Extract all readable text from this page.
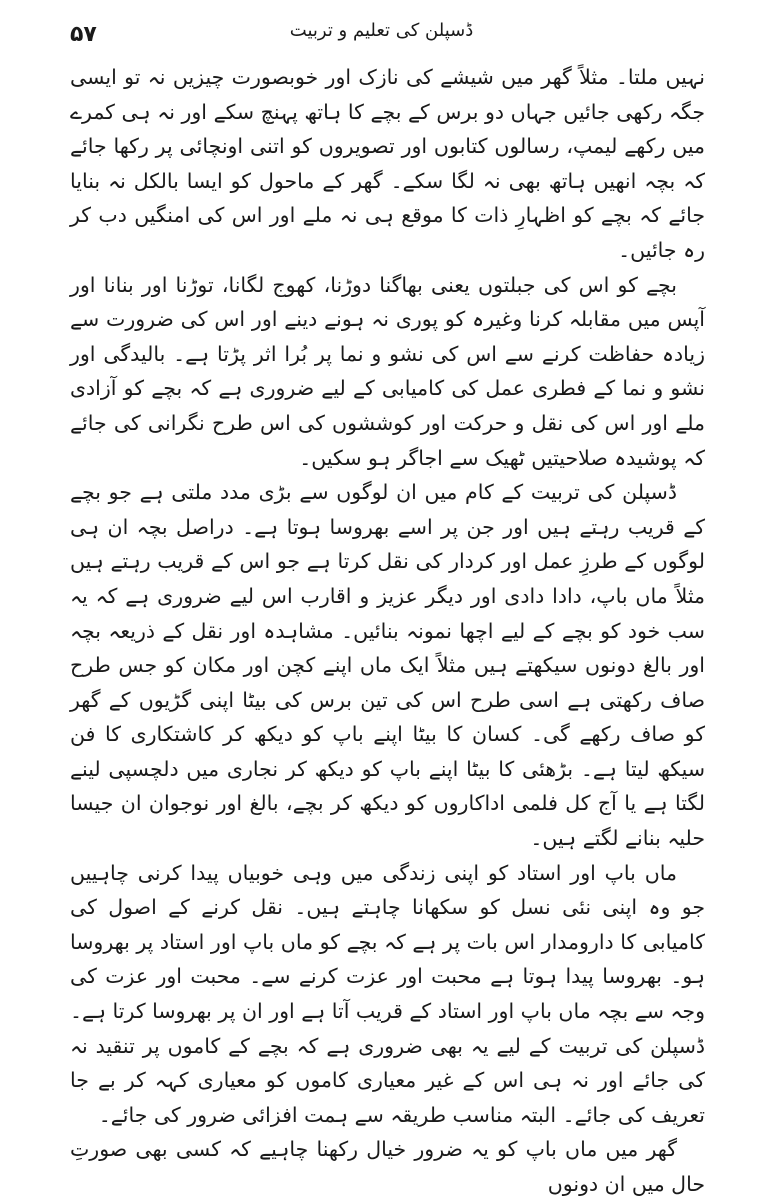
۵۷	ڈسپلن کی تعلیم و تربیت

نہیں ملتا۔ مثلاً گھر میں شیشے کی نازک اور خوبصورت چیزیں نہ تو ایسی جگہ رکھی جائیں جہاں دو برس کے بچے کا ہاتھ پہنچ سکے اور نہ ہی کمرے میں رکھے لیمپ، رسالوں کتابوں اور تصویروں کو اتنی اونچائی پر رکھا جائے کہ بچہ انھیں ہاتھ بھی نہ لگا سکے۔ گھر کے ماحول کو ایسا بالکل نہ بنایا جائے کہ بچے کو اظہارِ ذات کا موقع ہی نہ ملے اور اس کی امنگیں دب کر رہ جائیں۔

بچے کو اس کی جبلتوں یعنی بھاگنا دوڑنا، کھوج لگانا، توڑنا اور بنانا اور آپس میں مقابلہ کرنا وغیرہ کو پوری نہ ہونے دینے اور اس کی ضرورت سے زیادہ حفاظت کرنے سے اس کی نشو و نما پر بُرا اثر پڑتا ہے۔ بالیدگی اور نشو و نما کے فطری عمل کی کامیابی کے لیے ضروری ہے کہ بچے کو آزادی ملے اور اس کی نقل و حرکت اور کوششوں کی اس طرح نگرانی کی جائے کہ پوشیدہ صلاحیتیں ٹھیک سے اجاگر ہو سکیں۔

ڈسپلن کی تربیت کے کام میں ان لوگوں سے بڑی مدد ملتی ہے جو بچے کے قریب رہتے ہیں اور جن پر اسے بھروسا ہوتا ہے۔ دراصل بچہ ان ہی لوگوں کے طرزِ عمل اور کردار کی نقل کرتا ہے جو اس کے قریب رہتے ہیں مثلاً ماں باپ، دادا دادی اور دیگر عزیز و اقارب اس لیے ضروری ہے کہ یہ سب خود کو بچے کے لیے اچھا نمونہ بنائیں۔ مشاہدہ اور نقل کے ذریعہ بچہ اور بالغ دونوں سیکھتے ہیں مثلاً ایک ماں اپنے کچن اور مکان کو جس طرح صاف رکھتی ہے اسی طرح اس کی تین برس کی بیٹا اپنی گڑیوں کے گھر کو صاف رکھے گی۔ کسان کا بیٹا اپنے باپ کو دیکھ کر کاشتکاری کا فن سیکھ لیتا ہے۔ بڑھئی کا بیٹا اپنے باپ کو دیکھ کر نجاری میں دلچسپی لینے لگتا ہے یا آج کل فلمی اداکاروں کو دیکھ کر بچے، بالغ اور نوجوان ان جیسا حلیہ بنانے لگتے ہیں۔

ماں باپ اور استاد کو اپنی زندگی میں وہی خوبیاں پیدا کرنی چاہییں جو وہ اپنی نئی نسل کو سکھانا چاہتے ہیں۔ نقل کرنے کے اصول کی کامیابی کا دارومدار اس بات پر ہے کہ بچے کو ماں باپ اور استاد پر بھروسا ہو۔ بھروسا پیدا ہوتا ہے محبت اور عزت کرنے سے۔ محبت اور عزت کی وجہ سے بچہ ماں باپ اور استاد کے قریب آتا ہے اور ان پر بھروسا کرتا ہے۔ ڈسپلن کی تربیت کے لیے یہ بھی ضروری ہے کہ بچے کے کاموں پر تنقید نہ کی جائے اور نہ ہی اس کے غیر معیاری کاموں کو معیاری کہہ کر بے جا تعریف کی جائے۔ البتہ مناسب طریقہ سے ہمت افزائی ضرور کی جائے۔

گھر میں ماں باپ کو یہ ضرور خیال رکھنا چاہیے کہ کسی بھی صورتِ حال میں ان دونوں
